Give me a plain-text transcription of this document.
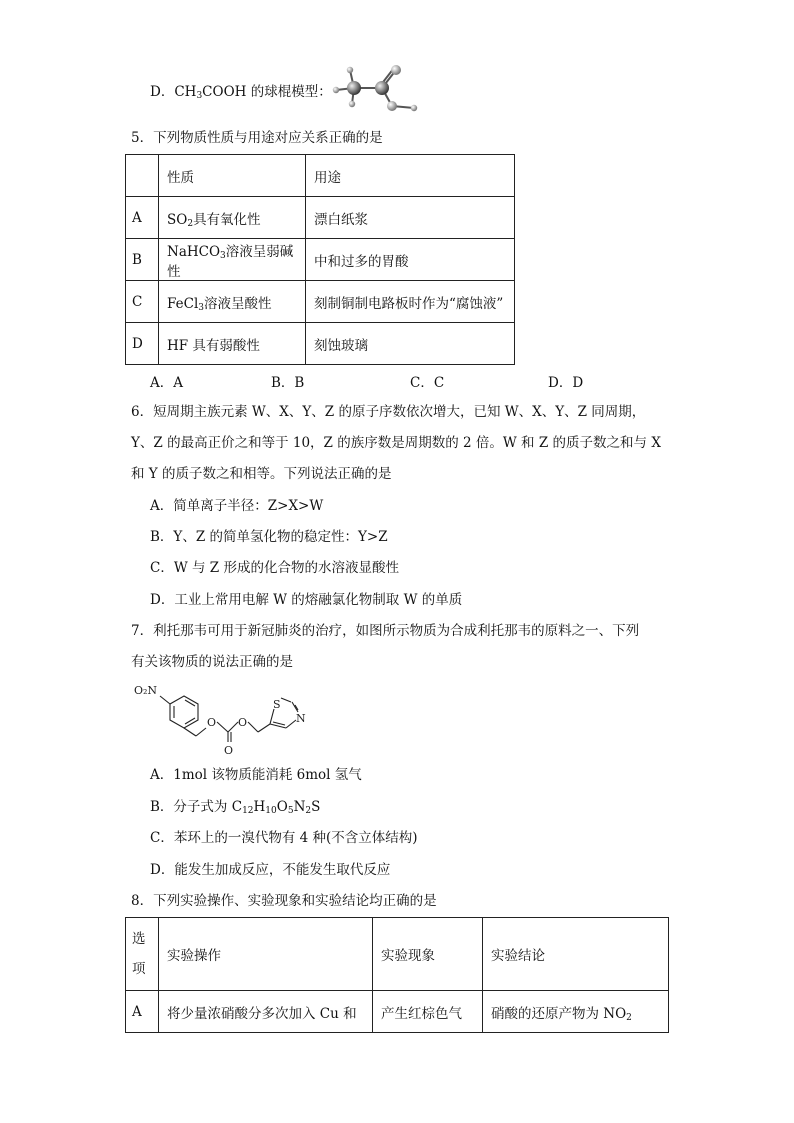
D．$CH_3COOH$ 的球棍模型：
5．下列物质性质与用途对应关系正确的是
	性质	用途
A	$SO_2$具有氧化性	漂白纸浆
B	NaHCO$_3$溶液呈弱碱性	中和过多的胃酸
C	FeCl$_3$溶液呈酸性	刻制铜制电路板时作为“腐蚀液”
D	HF 具有弱酸性	刻蚀玻璃
A．A	B．B	C．C	D．D
6．短周期主族元素 W、X、Y、Z 的原子序数依次增大，已知 W、X、Y、Z 同周期，
Y、Z 的最高正价之和等于 10，Z 的族序数是周期数的 2 倍。W 和 Z 的质子数之和与 X
和 Y 的质子数之和相等。下列说法正确的是
A．简单离子半径：Z>X>W
B．Y、Z 的简单氢化物的稳定性：Y>Z
C．W 与 Z 形成的化合物的水溶液显酸性
D．工业上常用电解 W 的熔融氯化物制取 W 的单质
7．利托那韦可用于新冠肺炎的治疗，如图所示物质为合成利托那韦的原料之一、下列
有关该物质的说法正确的是
O₂N
O O
O
S
N
A．1mol 该物质能消耗 6mol 氢气
B．分子式为 $C_{12}H_{10}O_5N_2S$
C．苯环上的一溴代物有 4 种(不含立体结构)
D．能发生加成反应，不能发生取代反应
8．下列实验操作、实验现象和实验结论均正确的是
选项	实验操作	实验现象	实验结论
A	将少量浓硝酸分多次加入 Cu 和	产生红棕色气	硝酸的还原产物为 $NO_2$
